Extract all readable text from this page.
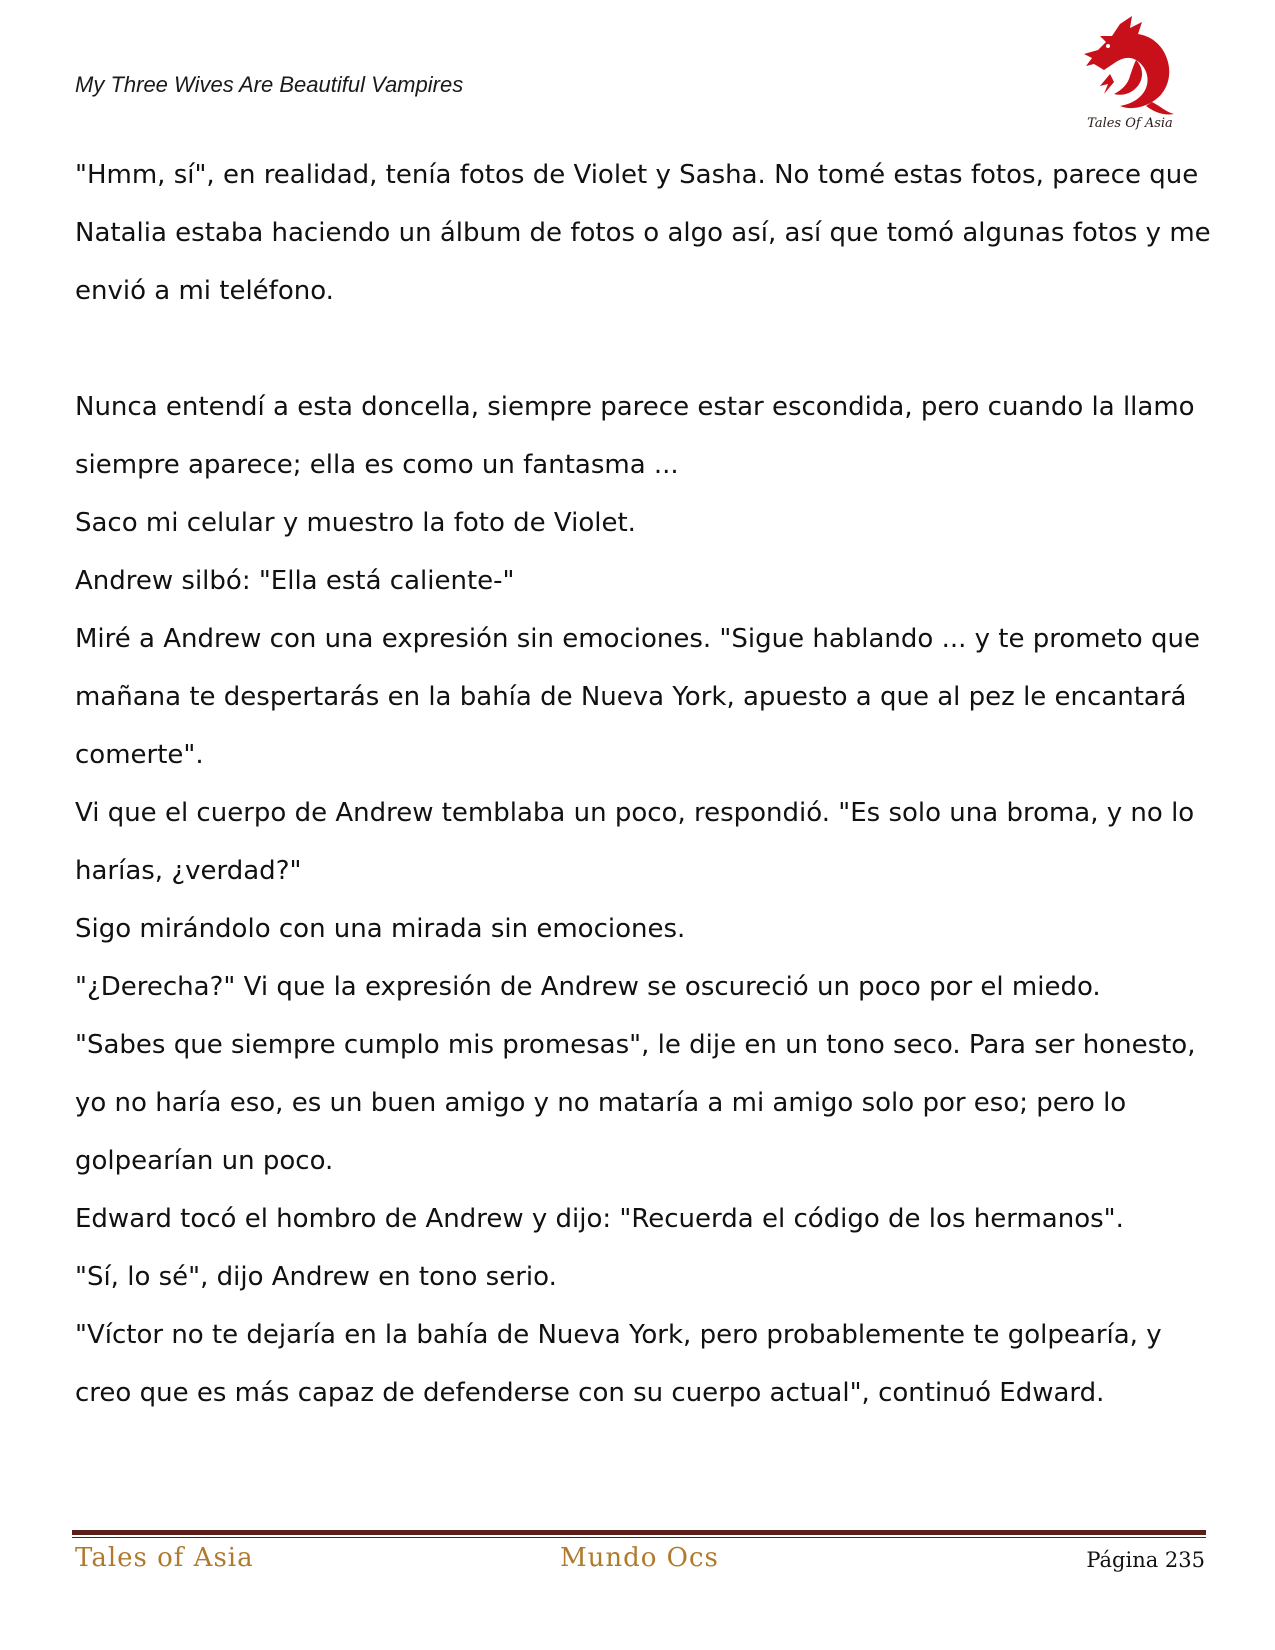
My Three Wives Are Beautiful Vampires
Tales Of Asia

"Hmm, sí", en realidad, tenía fotos de Violet y Sasha. No tomé estas fotos, parece que

Natalia estaba haciendo un álbum de fotos o algo así, así que tomó algunas fotos y me

envió a mi teléfono.

Nunca entendí a esta doncella, siempre parece estar escondida, pero cuando la llamo

siempre aparece; ella es como un fantasma ...

Saco mi celular y muestro la foto de Violet.

Andrew silbó: "Ella está caliente-"

Miré a Andrew con una expresión sin emociones. "Sigue hablando ... y te prometo que

mañana te despertarás en la bahía de Nueva York, apuesto a que al pez le encantará

comerte".

Vi que el cuerpo de Andrew temblaba un poco, respondió. "Es solo una broma, y no lo

harías, ¿verdad?"

Sigo mirándolo con una mirada sin emociones.

"¿Derecha?" Vi que la expresión de Andrew se oscureció un poco por el miedo.

"Sabes que siempre cumplo mis promesas", le dije en un tono seco. Para ser honesto,

yo no haría eso, es un buen amigo y no mataría a mi amigo solo por eso; pero lo

golpearían un poco.

Edward tocó el hombro de Andrew y dijo: "Recuerda el código de los hermanos".

"Sí, lo sé", dijo Andrew en tono serio.

"Víctor no te dejaría en la bahía de Nueva York, pero probablemente te golpearía, y

creo que es más capaz de defenderse con su cuerpo actual", continuó Edward.

Tales of Asia	Mundo Ocs	Página 235
